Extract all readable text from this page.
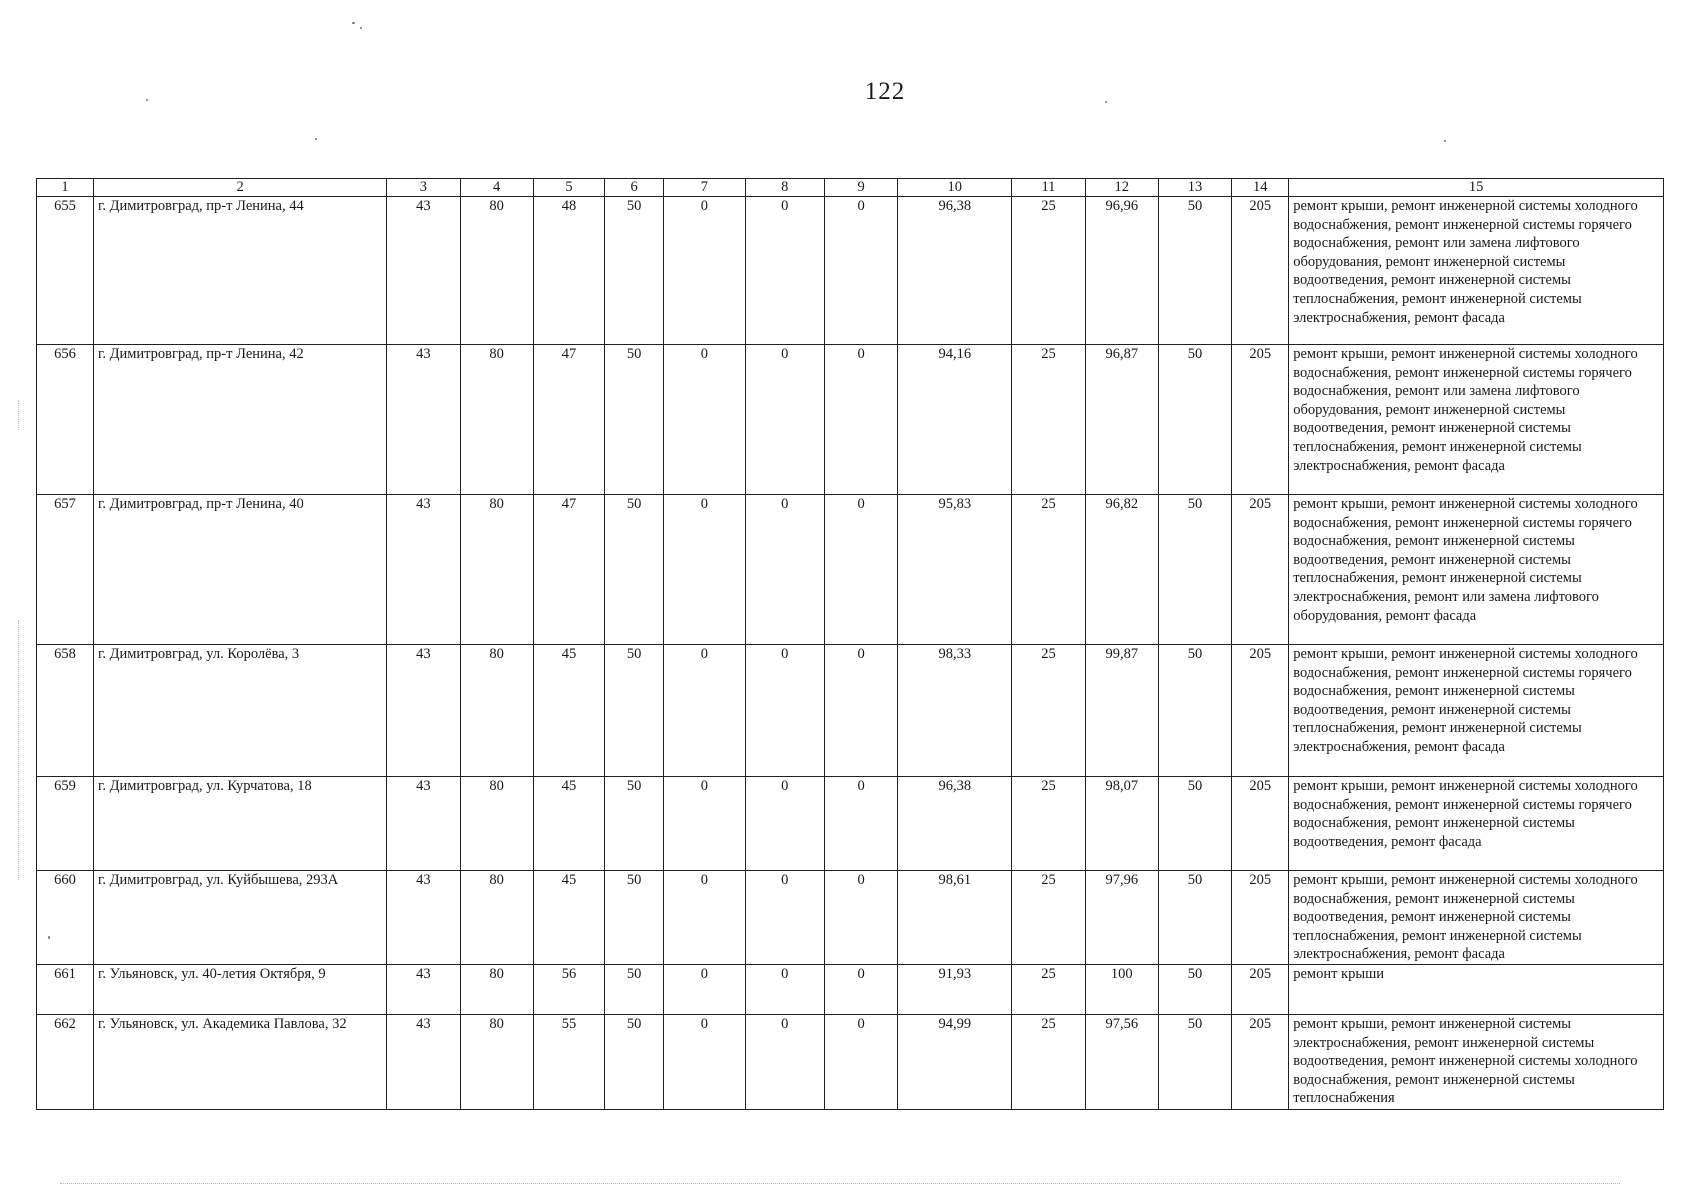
122
1	2	3	4	5	6	7	8	9	10	11	12	13	14	15
655	г. Димитровград, пр-т Ленина, 44	43	80	48	50	0	0	0	96,38	25	96,96	50	205	ремонт крыши, ремонт инженерной системы холодного водоснабжения, ремонт инженерной системы горячего водоснабжения, ремонт или замена лифтового оборудования, ремонт инженерной системы водоотведения, ремонт инженерной системы теплоснабжения, ремонт инженерной системы электроснабжения, ремонт фасада
656	г. Димитровград, пр-т Ленина, 42	43	80	47	50	0	0	0	94,16	25	96,87	50	205	ремонт крыши, ремонт инженерной системы холодного водоснабжения, ремонт инженерной системы горячего водоснабжения, ремонт или замена лифтового оборудования, ремонт инженерной системы водоотведения, ремонт инженерной системы теплоснабжения, ремонт инженерной системы электроснабжения, ремонт фасада
657	г. Димитровград, пр-т Ленина, 40	43	80	47	50	0	0	0	95,83	25	96,82	50	205	ремонт крыши, ремонт инженерной системы холодного водоснабжения, ремонт инженерной системы горячего водоснабжения, ремонт инженерной системы водоотведения, ремонт инженерной системы теплоснабжения, ремонт инженерной системы электроснабжения, ремонт или замена лифтового оборудования, ремонт фасада
658	г. Димитровград, ул. Королёва, 3	43	80	45	50	0	0	0	98,33	25	99,87	50	205	ремонт крыши, ремонт инженерной системы холодного водоснабжения, ремонт инженерной системы горячего водоснабжения, ремонт инженерной системы водоотведения, ремонт инженерной системы теплоснабжения, ремонт инженерной системы электроснабжения, ремонт фасада
659	г. Димитровград, ул. Курчатова, 18	43	80	45	50	0	0	0	96,38	25	98,07	50	205	ремонт крыши, ремонт инженерной системы холодного водоснабжения, ремонт инженерной системы горячего водоснабжения, ремонт инженерной системы водоотведения, ремонт фасада
660	г. Димитровград, ул. Куйбышева, 293А	43	80	45	50	0	0	0	98,61	25	97,96	50	205	ремонт крыши, ремонт инженерной системы холодного водоснабжения, ремонт инженерной системы водоотведения, ремонт инженерной системы теплоснабжения, ремонт инженерной системы электроснабжения, ремонт фасада
661	г. Ульяновск, ул. 40-летия Октября, 9	43	80	56	50	0	0	0	91,93	25	100	50	205	ремонт крыши
662	г. Ульяновск, ул. Академика Павлова, 32	43	80	55	50	0	0	0	94,99	25	97,56	50	205	ремонт крыши, ремонт инженерной системы электроснабжения, ремонт инженерной системы водоотведения, ремонт инженерной системы холодного водоснабжения, ремонт инженерной системы теплоснабжения
